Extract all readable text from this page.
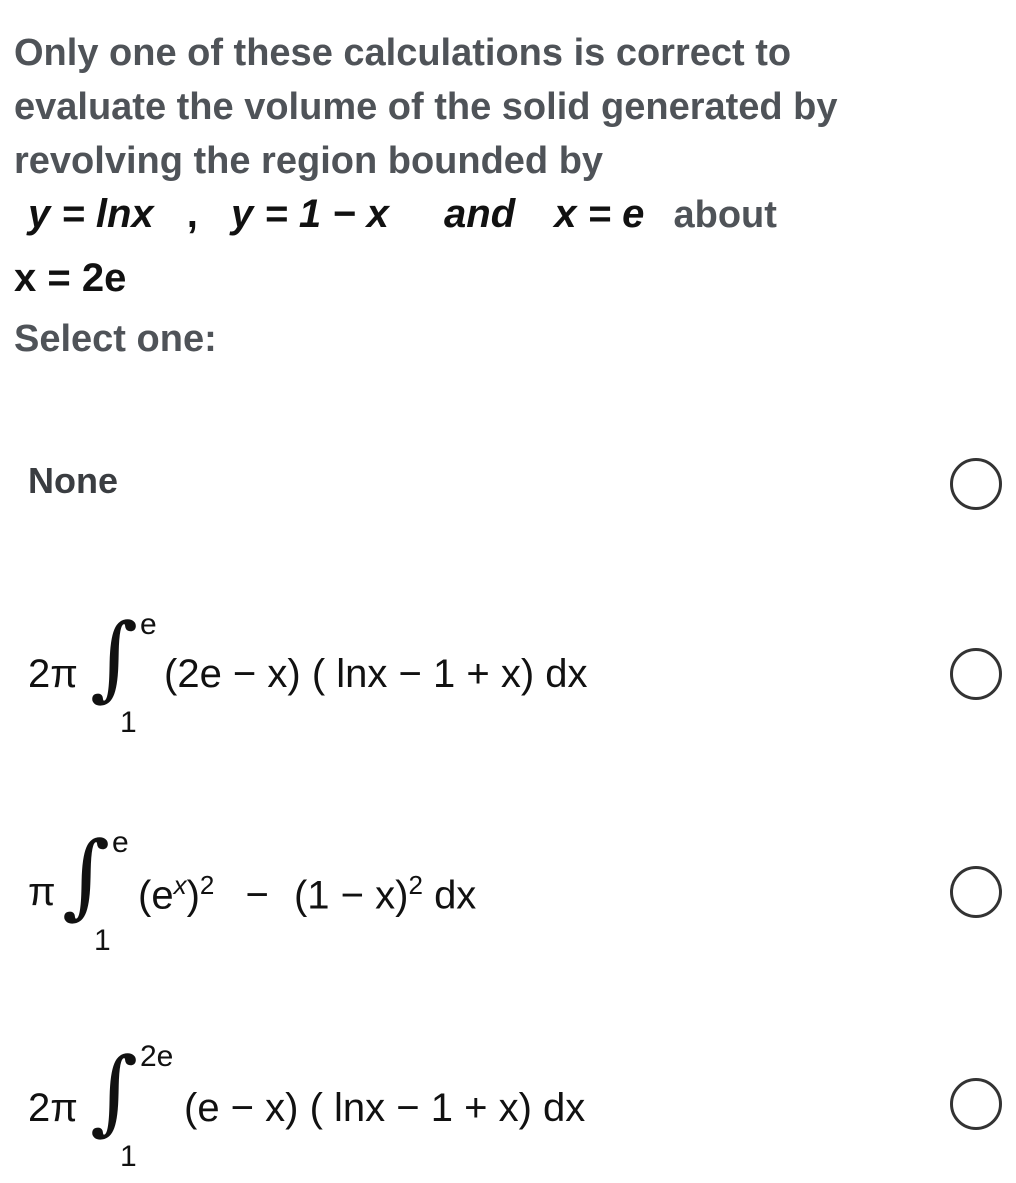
Only one of these calculations is correct to
evaluate the volume of the solid generated by
revolving the region bounded by
y = lnx , y = 1 − x and x = e about
x = 2e
Select one:
None
2π ∫ e
1
(2e − x) ( lnx − 1 + x) dx
π ∫ e
1
$(e^x)^2 - (1 - x)^2$ dx
2π ∫ 2e
1
(e − x) ( lnx − 1 + x) dx
